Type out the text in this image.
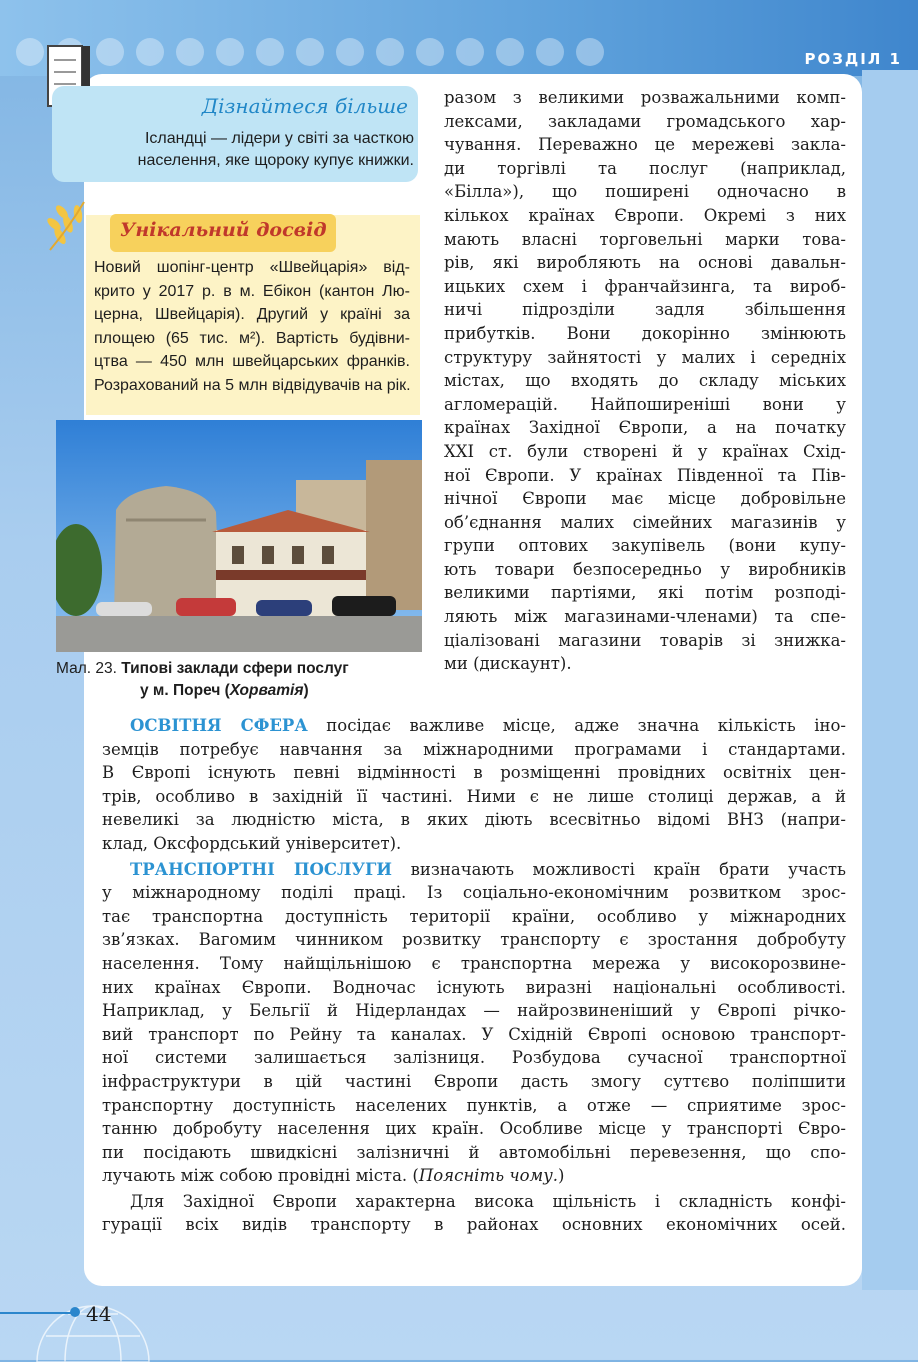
РОЗДІЛ 1
Дізнайтеся більше
Ісландці — лідери у світі за часткою
населення, яке щороку купує книжки.
Унікальний досвід
Новий шопінг-центр «Швейцарія» від-
крито у 2017 р. в м. Ебікон (кантон Лю-
церна, Швейцарія). Другий у країні за
площею (65 тис. м²). Вартість будівни-
цтва — 450 млн швейцарських франків.
Розрахований на 5 млн відвідувачів на рік.
Мал. 23. Типові заклади сфери послуг
у м. Пореч (Хорватія)
разом з великими розважальними комп-
лексами, закладами громадського хар-
чування. Переважно це мережеві закла-
ди торгівлі та послуг (наприклад,
«Білла»), що поширені одночасно в
кількох країнах Європи. Окремі з них
мають власні торговельні марки това-
рів, які виробляють на основі давальн-
ицьких схем і франчайзинга, та вироб-
ничі підрозділи задля збільшення
прибутків. Вони докорінно змінюють
структуру зайнятості у малих і середніх
містах, що входять до складу міських
агломерацій. Найпоширеніші вони у
країнах Західної Європи, а на початку
XXI ст. були створені й у країнах Схід-
ної Європи. У країнах Південної та Пів-
нічної Європи має місце добровільне
об’єднання малих сімейних магазинів у
групи оптових закупівель (вони купу-
ють товари безпосередньо у виробників
великими партіями, які потім розподі-
ляють між магазинами-членами) та спе-
ціалізовані магазини товарів зі знижка-
ми (дискаунт).
ОСВІТНЯ СФЕРА посідає важливе місце, адже значна кількість іно-
земців потребує навчання за міжнародними програмами і стандартами.
В Європі існують певні відмінності в розміщенні провідних освітніх цен-
трів, особливо в західній її частині. Ними є не лише столиці держав, а й
невеликі за людністю міста, в яких діють всесвітньо відомі ВНЗ (напри-
клад, Оксфордський університет).
ТРАНСПОРТНІ ПОСЛУГИ визначають можливості країн брати участь
у міжнародному поділі праці. Із соціально-економічним розвитком зрос-
тає транспортна доступність території країни, особливо у міжнародних
зв’язках. Вагомим чинником розвитку транспорту є зростання добробуту
населення. Тому найщільнішою є транспортна мережа у високорозвине-
них країнах Європи. Водночас існують виразні національні особливості.
Наприклад, у Бельгії й Нідерландах — найрозвиненіший у Європі річко-
вий транспорт по Рейну та каналах. У Східній Європі основою транспорт-
ної системи залишається залізниця. Розбудова сучасної транспортної
інфраструктури в цій частині Європи дасть змогу суттєво поліпшити
транспортну доступність населених пунктів, а отже — сприятиме зрос-
танню добробуту населення цих країн. Особливе місце у транспорті Євро-
пи посідають швидкісні залізничні й автомобільні перевезення, що спо-
лучають між собою провідні міста. (Поясніть чому.)
Для Західної Європи характерна висока щільність і складність конфі-
гурації всіх видів транспорту в районах основних економічних осей.
44
